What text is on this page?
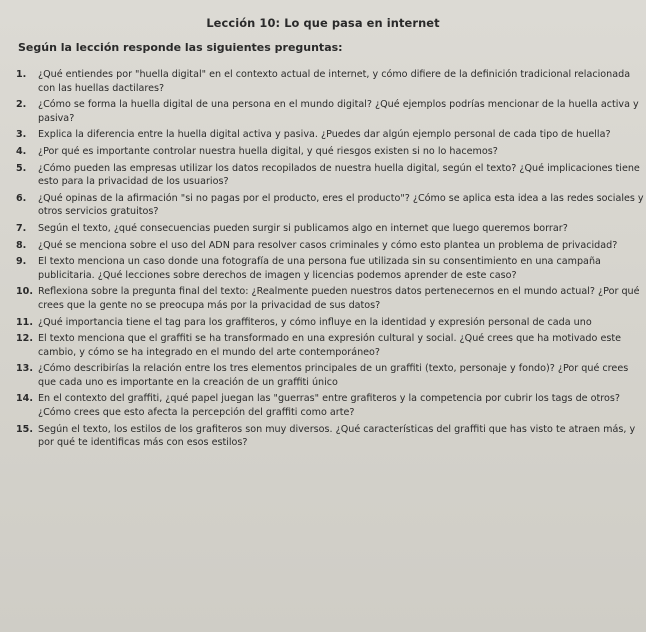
Lección 10: Lo que pasa en internet
Según la lección responde las siguientes preguntas:
1. ¿Qué entiendes por "huella digital" en el contexto actual de internet, y cómo difiere de la definición tradicional relacionada con las huellas dactilares?
2. ¿Cómo se forma la huella digital de una persona en el mundo digital? ¿Qué ejemplos podrías mencionar de la huella activa y pasiva?
3. Explica la diferencia entre la huella digital activa y pasiva. ¿Puedes dar algún ejemplo personal de cada tipo de huella?
4. ¿Por qué es importante controlar nuestra huella digital, y qué riesgos existen si no lo hacemos?
5. ¿Cómo pueden las empresas utilizar los datos recopilados de nuestra huella digital, según el texto? ¿Qué implicaciones tiene esto para la privacidad de los usuarios?
6. ¿Qué opinas de la afirmación "si no pagas por el producto, eres el producto"? ¿Cómo se aplica esta idea a las redes sociales y otros servicios gratuitos?
7. Según el texto, ¿qué consecuencias pueden surgir si publicamos algo en internet que luego queremos borrar?
8. ¿Qué se menciona sobre el uso del ADN para resolver casos criminales y cómo esto plantea un problema de privacidad?
9. El texto menciona un caso donde una fotografía de una persona fue utilizada sin su consentimiento en una campaña publicitaria. ¿Qué lecciones sobre derechos de imagen y licencias podemos aprender de este caso?
10. Reflexiona sobre la pregunta final del texto: ¿Realmente pueden nuestros datos pertenecernos en el mundo actual? ¿Por qué crees que la gente no se preocupa más por la privacidad de sus datos?
11. ¿Qué importancia tiene el tag para los graffiteros, y cómo influye en la identidad y expresión personal de cada uno
12. El texto menciona que el graffiti se ha transformado en una expresión cultural y social. ¿Qué crees que ha motivado este cambio, y cómo se ha integrado en el mundo del arte contemporáneo?
13. ¿Cómo describirías la relación entre los tres elementos principales de un graffiti (texto, personaje y fondo)? ¿Por qué crees que cada uno es importante en la creación de un graffiti único
14. En el contexto del graffiti, ¿qué papel juegan las "guerras" entre grafiteros y la competencia por cubrir los tags de otros? ¿Cómo crees que esto afecta la percepción del graffiti como arte?
15. Según el texto, los estilos de los grafiteros son muy diversos. ¿Qué características del graffiti que has visto te atraen más, y por qué te identificas más con esos estilos?
